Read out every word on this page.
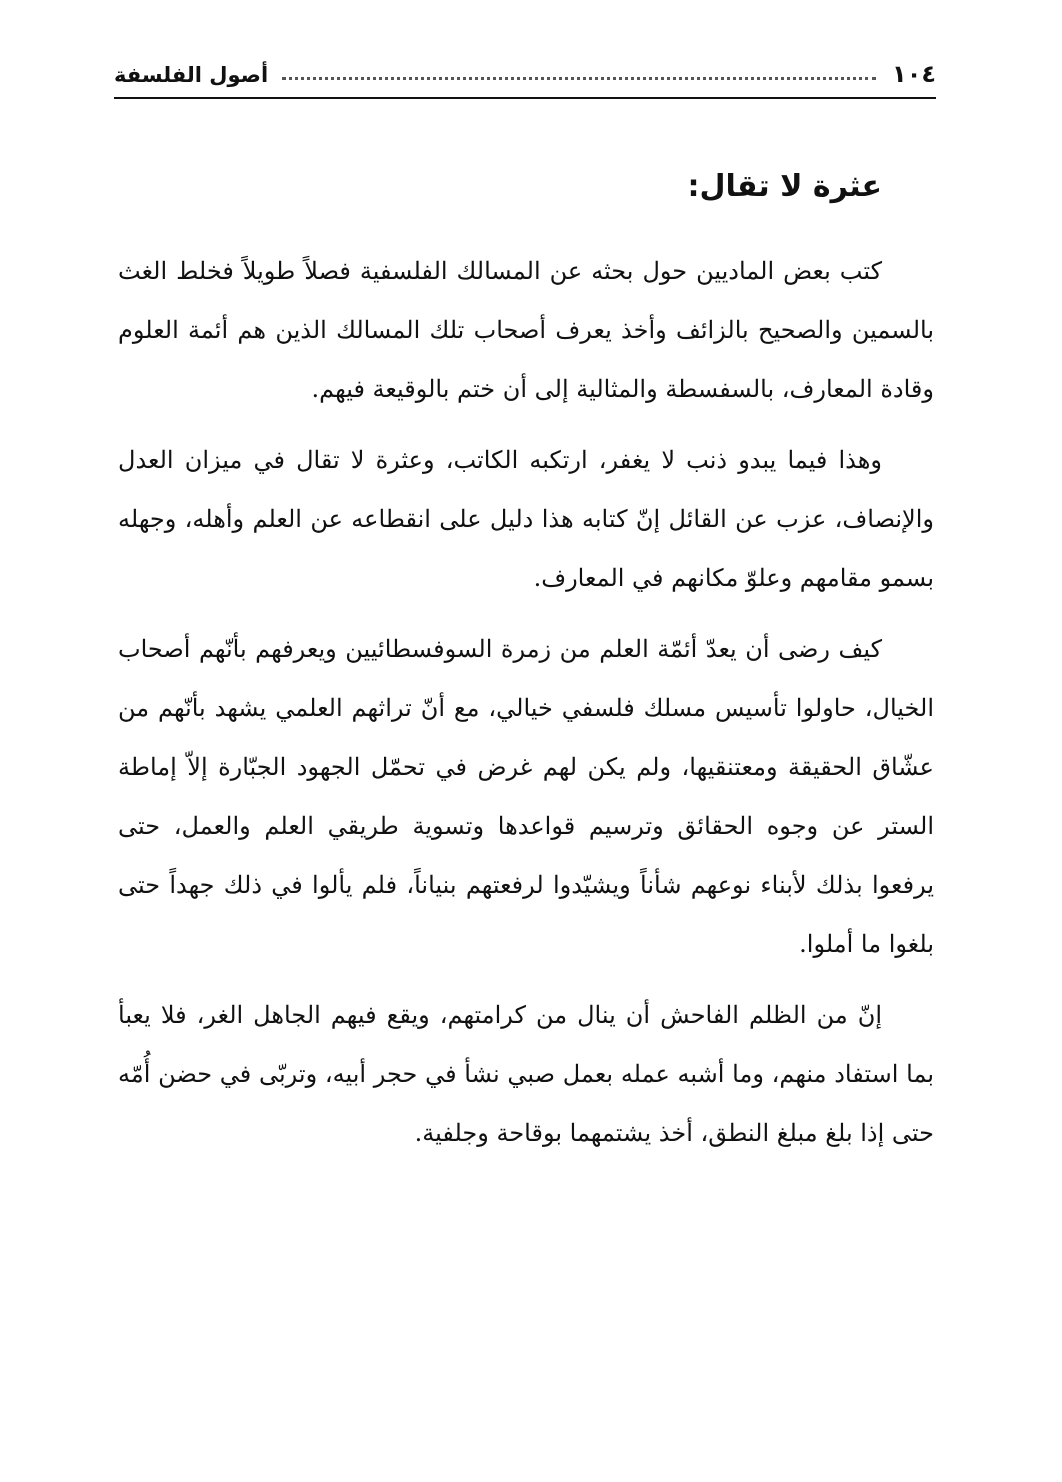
١٠٤
أصول الفلسفة
عثرة لا تقال:

كتب بعض الماديين حول بحثه عن المسالك الفلسفية فصلاً طويلاً فخلط الغث بالسمين والصحيح بالزائف وأخذ يعرف أصحاب تلك المسالك الذين هم أئمة العلوم وقادة المعارف، بالسفسطة والمثالية إلى أن ختم بالوقيعة فيهم.

وهذا فيما يبدو ذنب لا يغفر، ارتكبه الكاتب، وعثرة لا تقال في ميزان العدل والإنصاف، عزب عن القائل إنّ كتابه هذا دليل على انقطاعه عن العلم وأهله، وجهله بسمو مقامهم وعلوّ مكانهم في المعارف.

كيف رضى أن يعدّ أئمّة العلم من زمرة السوفسطائيين ويعرفهم بأنّهم أصحاب الخيال، حاولوا تأسيس مسلك فلسفي خيالي، مع أنّ تراثهم العلمي يشهد بأنّهم من عشّاق الحقيقة ومعتنقيها، ولم يكن لهم غرض في تحمّل الجهود الجبّارة إلاّ إماطة الستر عن وجوه الحقائق وترسيم قواعدها وتسوية طريقي العلم والعمل، حتى يرفعوا بذلك لأبناء نوعهم شأناً ويشيّدوا لرفعتهم بنياناً، فلم يألوا في ذلك جهداً حتى بلغوا ما أملوا.

إنّ من الظلم الفاحش أن ينال من كرامتهم، ويقع فيهم الجاهل الغر، فلا يعبأ بما استفاد منهم، وما أشبه عمله بعمل صبي نشأ في حجر أبيه، وتربّى في حضن أُمّه حتى إذا بلغ مبلغ النطق، أخذ يشتمهما بوقاحة وجلفية.
